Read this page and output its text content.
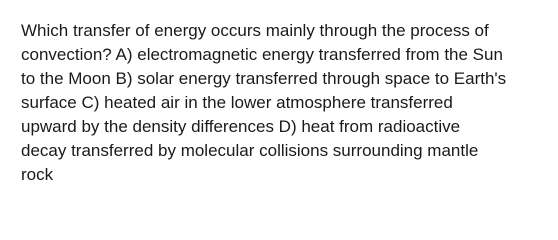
Which transfer of energy occurs mainly through the process of
convection? A) electromagnetic energy transferred from the Sun
to the Moon B) solar energy transferred through space to Earth's
surface C) heated air in the lower atmosphere transferred
upward by the density differences D) heat from radioactive
decay transferred by molecular collisions surrounding mantle
rock
